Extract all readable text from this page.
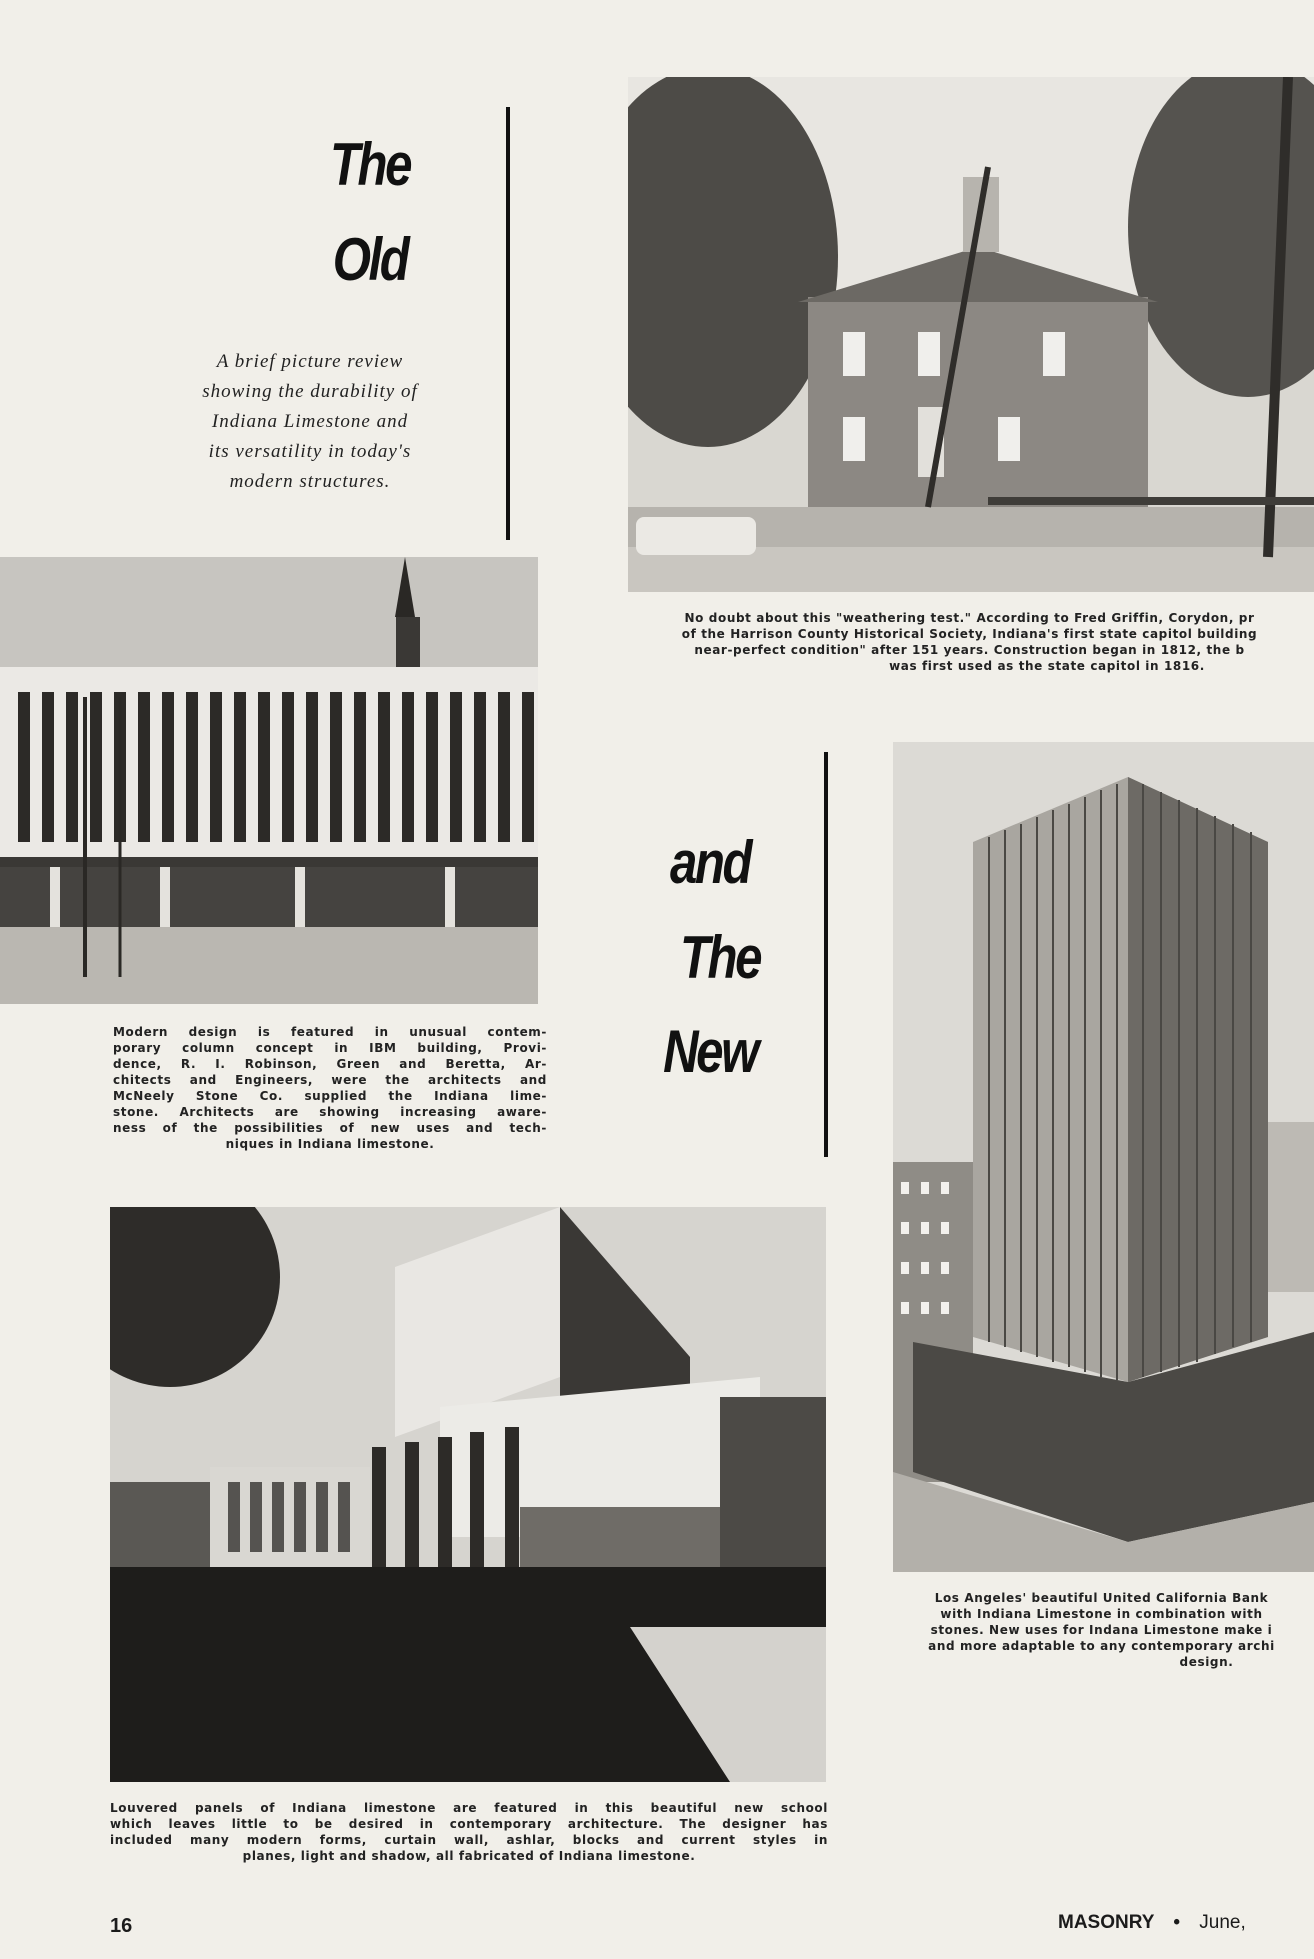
The
Old
A brief picture review
showing the durability of
Indiana Limestone and
its versatility in today's
modern structures.
No doubt about this "weathering test." According to Fred Griffin, Corydon, pr
of the Harrison County Historical Society, Indiana's first state capitol building
near-perfect condition" after 151 years. Construction began in 1812, the b
was first used as the state capitol in 1816.
Modern design is featured in unusual contem-
porary column concept in IBM building, Provi-
dence, R. I. Robinson, Green and Beretta, Ar-
chitects and Engineers, were the architects and
McNeely Stone Co. supplied the Indiana lime-
stone. Architects are showing increasing aware-
ness of the possibilities of new uses and tech-
niques in Indiana limestone.
and
The
New
Los Angeles' beautiful United California Bank
with Indiana Limestone in combination with
stones. New uses for Indana Limestone make i
and more adaptable to any contemporary archi
design.
Louvered panels of Indiana limestone are featured in this beautiful new school
which leaves little to be desired in contemporary architecture. The designer has
included many modern forms, curtain wall, ashlar, blocks and current styles in
planes, light and shadow, all fabricated of Indiana limestone.
16	MASONRY • June,
